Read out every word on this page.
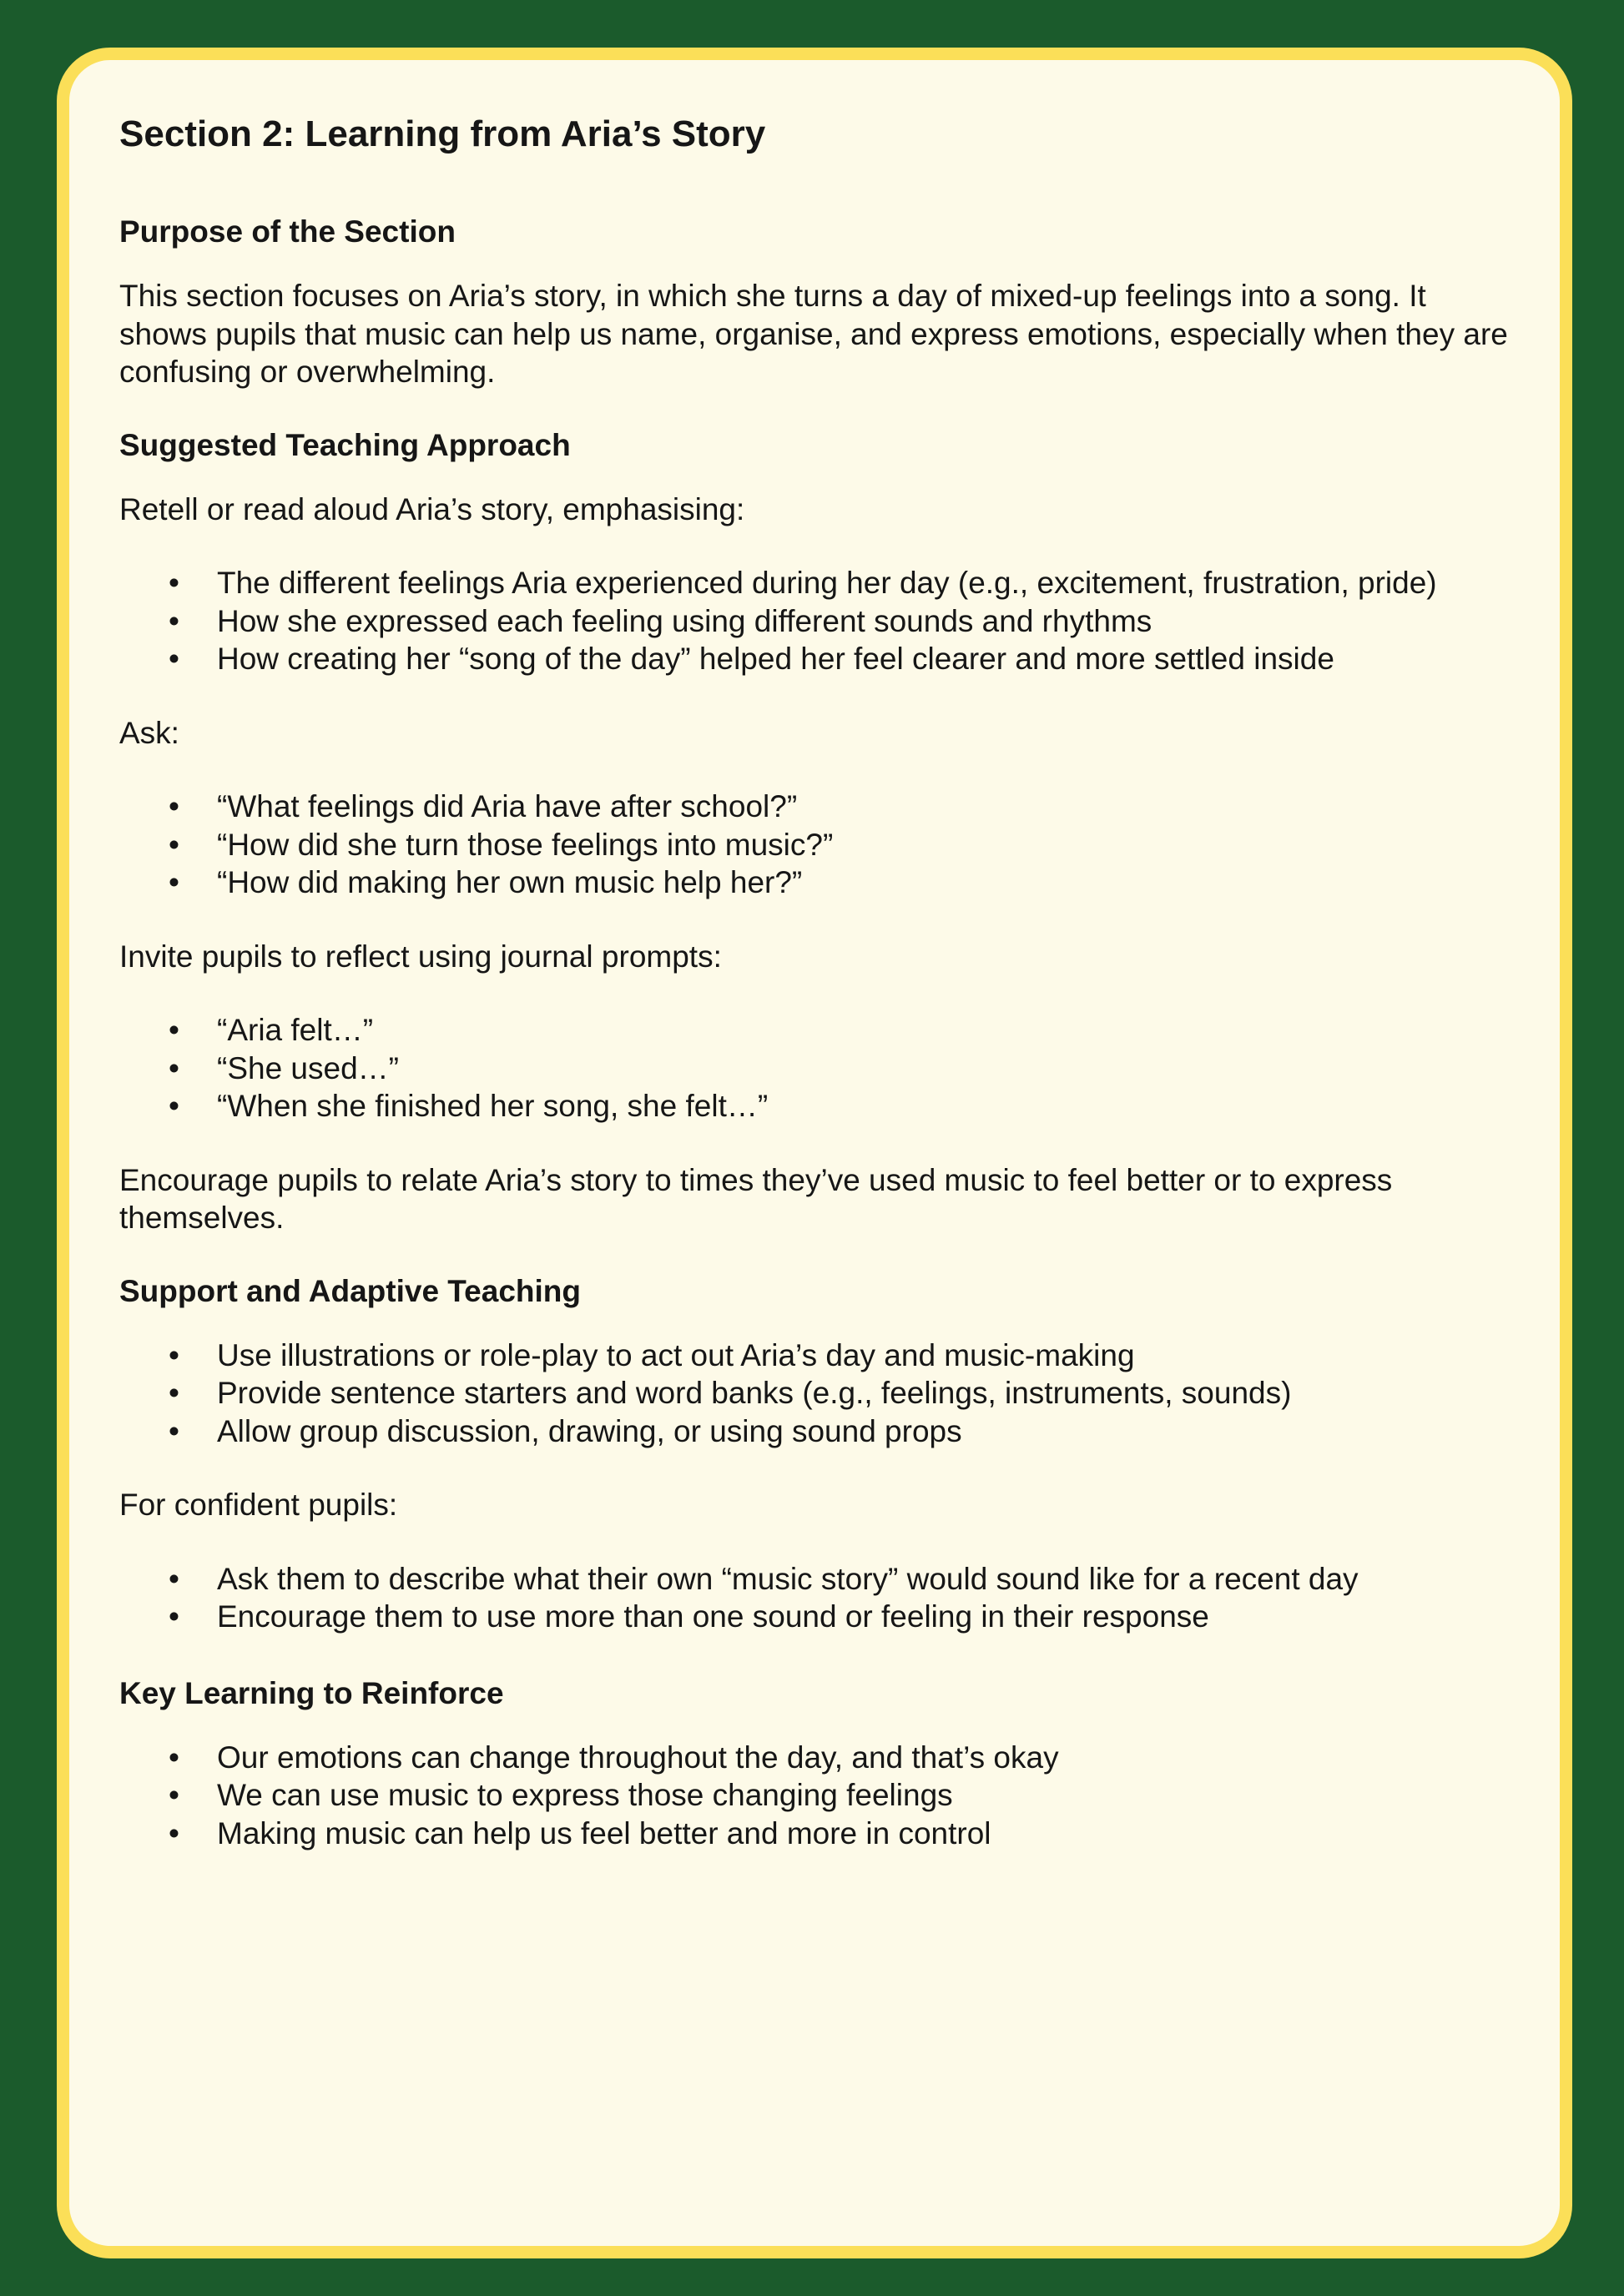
Section 2: Learning from Aria’s Story
Purpose of the Section

This section focuses on Aria’s story, in which she turns a day of mixed-up feelings into a song. It shows pupils that music can help us name, organise, and express emotions, especially when they are confusing or overwhelming.

Suggested Teaching Approach

Retell or read aloud Aria’s story, emphasising:

• The different feelings Aria experienced during her day (e.g., excitement, frustration, pride)
• How she expressed each feeling using different sounds and rhythms
• How creating her “song of the day” helped her feel clearer and more settled inside

Ask:

• “What feelings did Aria have after school?”
• “How did she turn those feelings into music?”
• “How did making her own music help her?”

Invite pupils to reflect using journal prompts:

• “Aria felt…”
• “She used…”
• “When she finished her song, she felt…”

Encourage pupils to relate Aria’s story to times they’ve used music to feel better or to express themselves.

Support and Adaptive Teaching
• Use illustrations or role-play to act out Aria’s day and music-making
• Provide sentence starters and word banks (e.g., feelings, instruments, sounds)
• Allow group discussion, drawing, or using sound props

For confident pupils:

• Ask them to describe what their own “music story” would sound like for a recent day
• Encourage them to use more than one sound or feeling in their response
Key Learning to Reinforce
• Our emotions can change throughout the day, and that’s okay
• We can use music to express those changing feelings
• Making music can help us feel better and more in control
